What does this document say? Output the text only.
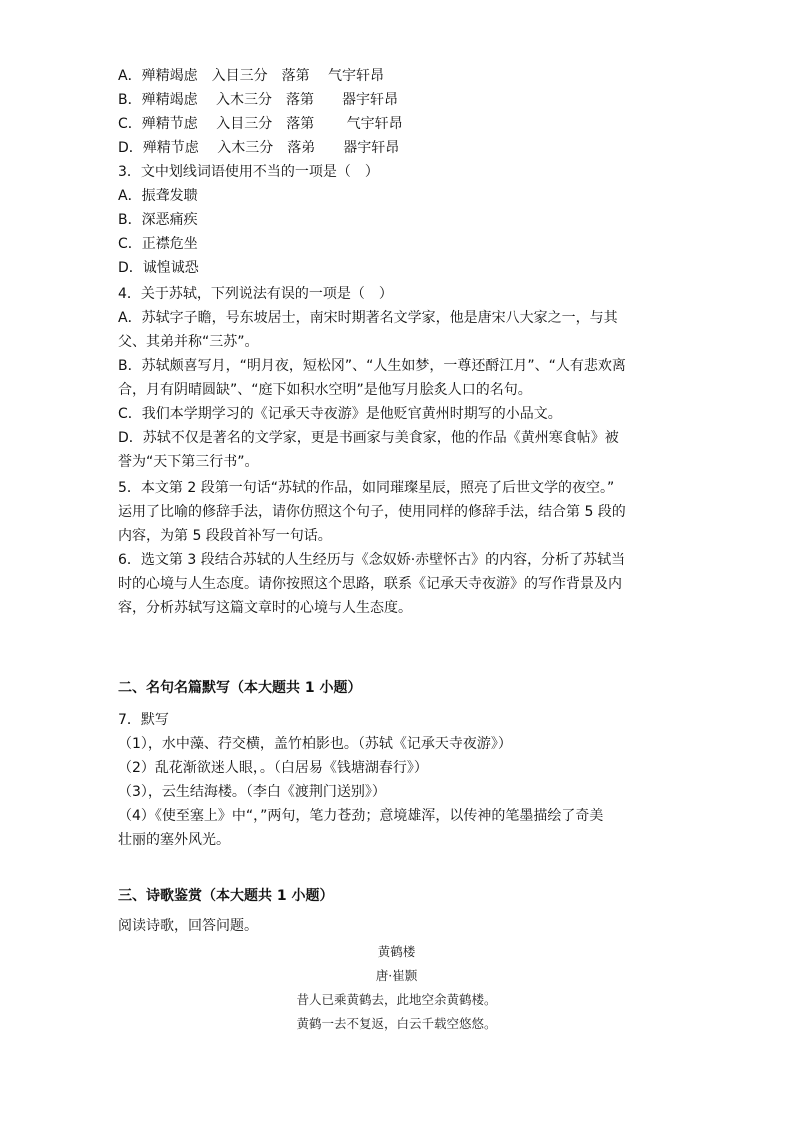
A．殚精竭虑　入目三分　落第　 气宇轩昂

B．殚精竭虑　 入木三分　落第　　器宇轩昂

C．殚精节虑　 入目三分　落第　　 气宇轩昂

D．殚精节虑　 入木三分　落弟　　器宇轩昂

3．文中划线词语使用不当的一项是（　）

A．振聋发聩

B．深恶痛疾

C．正襟危坐

D．诚惶诚恐

4．关于苏轼，下列说法有误的一项是（　）

A．苏轼字子瞻，号东坡居士，南宋时期著名文学家，他是唐宋八大家之一，与其

父、其弟并称“三苏”。

B．苏轼颇喜写月，“明月夜，短松冈”、“人生如梦，一尊还酹江月”、“人有悲欢离

合，月有阴晴圆缺”、“庭下如积水空明”是他写月脍炙人口的名句。

C．我们本学期学习的《记承天寺夜游》是他贬官黄州时期写的小品文。

D．苏轼不仅是著名的文学家，更是书画家与美食家，他的作品《黄州寒食帖》被

誉为“天下第三行书”。

5．本文第 2 段第一句话“苏轼的作品，如同璀璨星辰，照亮了后世文学的夜空。”

运用了比喻的修辞手法，请你仿照这个句子，使用同样的修辞手法，结合第 5 段的

内容，为第 5 段段首补写一句话。

6．选文第 3 段结合苏轼的人生经历与《念奴娇·赤壁怀古》的内容，分析了苏轼当

时的心境与人生态度。请你按照这个思路，联系《记承天寺夜游》的写作背景及内

容，分析苏轼写这篇文章时的心境与人生态度。

二、名句名篇默写（本大题共 1 小题）

7．默写

（1），水中藻、荇交横，盖竹柏影也。（苏轼《记承天寺夜游》）

（2）乱花渐欲迷人眼，。（白居易《钱塘湖春行》）

（3），云生结海楼。（李白《渡荆门送别》）

（4）《使至塞上》中“，”两句，笔力苍劲；意境雄浑，以传神的笔墨描绘了奇美

壮丽的塞外风光。

三、诗歌鉴赏（本大题共 1 小题）

阅读诗歌，回答问题。

黄鹤楼

唐·崔颢

昔人已乘黄鹤去，此地空余黄鹤楼。

黄鹤一去不复返，白云千载空悠悠。
